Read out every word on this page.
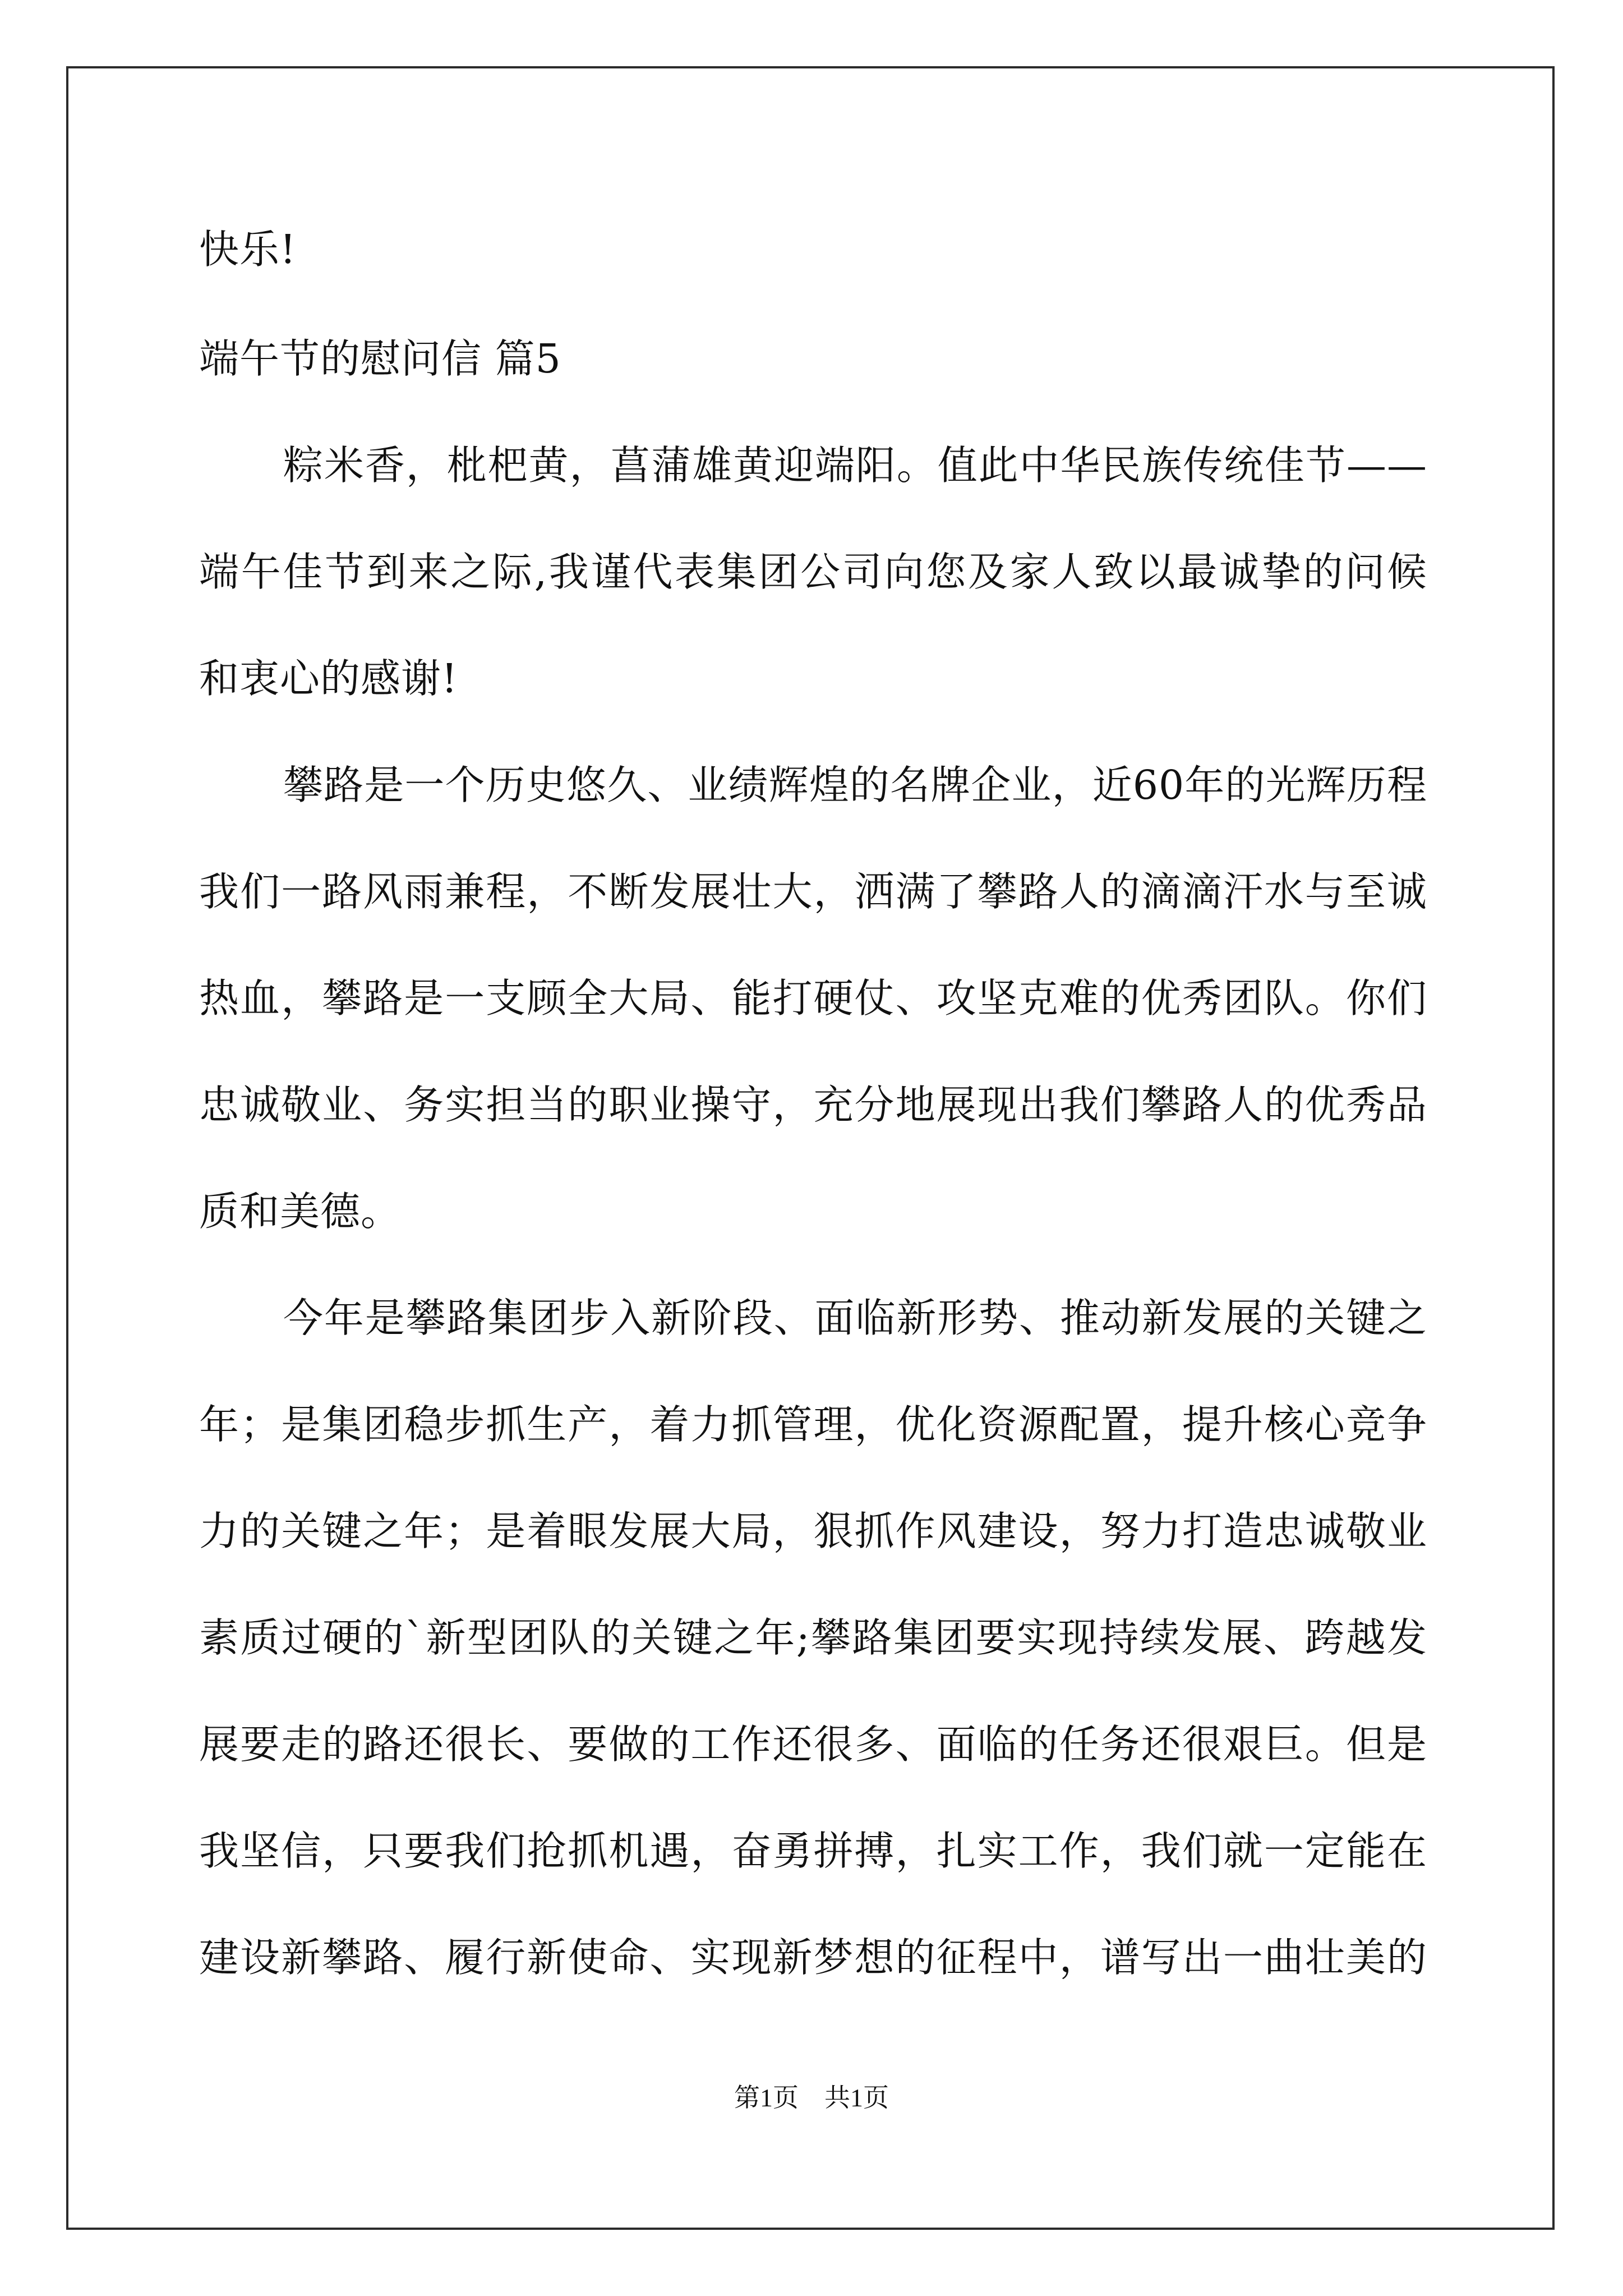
快乐!
端午节的慰问信 篇5
粽米香，枇杷黄，菖蒲雄黄迎端阳。值此中华民族传统佳节——
端午佳节到来之际,我谨代表集团公司向您及家人致以最诚挚的问候
和衷心的感谢!
攀路是一个历史悠久、业绩辉煌的名牌企业，近60年的光辉历程
我们一路风雨兼程，不断发展壮大，洒满了攀路人的滴滴汗水与至诚
热血，攀路是一支顾全大局、能打硬仗、攻坚克难的优秀团队。你们
忠诚敬业、务实担当的职业操守，充分地展现出我们攀路人的优秀品
质和美德。
今年是攀路集团步入新阶段、面临新形势、推动新发展的关键之
年；是集团稳步抓生产，着力抓管理，优化资源配置，提升核心竞争
力的关键之年；是着眼发展大局，狠抓作风建设，努力打造忠诚敬业
素质过硬的`新型团队的关键之年;攀路集团要实现持续发展、跨越发
展要走的路还很长、要做的工作还很多、面临的任务还很艰巨。但是
我坚信，只要我们抢抓机遇，奋勇拼搏，扎实工作，我们就一定能在
建设新攀路、履行新使命、实现新梦想的征程中，谱写出一曲壮美的
第1页　共1页
